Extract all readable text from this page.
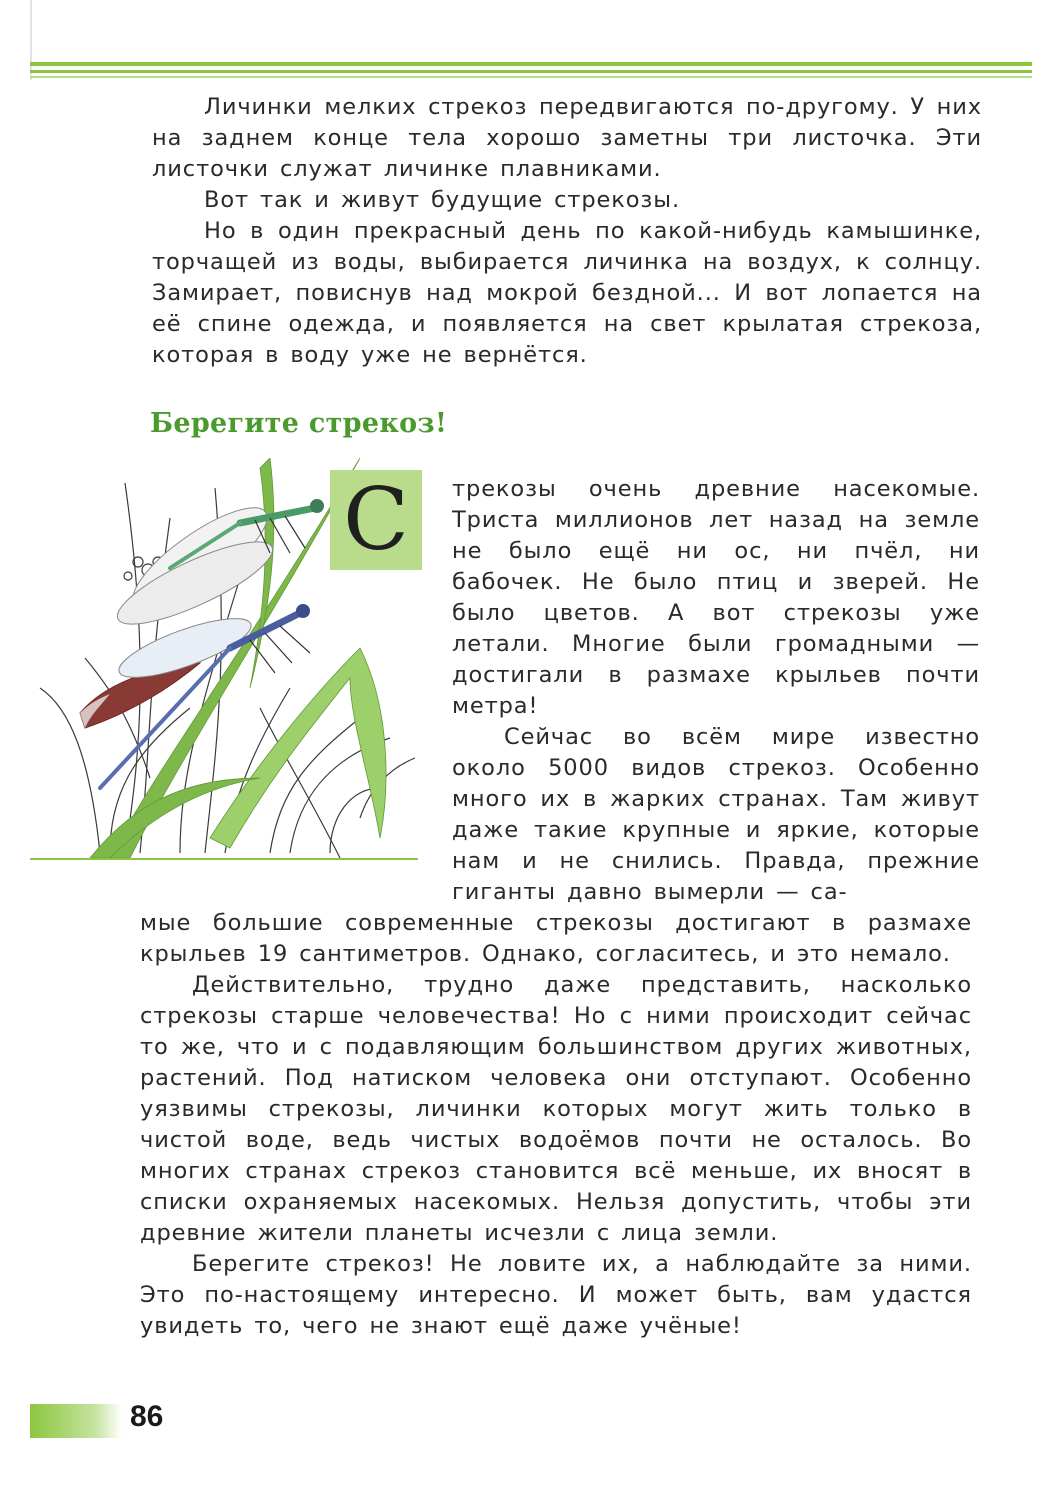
Личинки мелких стрекоз передвигаются по-другому. У них на заднем конце тела хорошо заметны три листочка. Эти листочки служат личинке плавниками.

Вот так и живут будущие стрекозы.

Но в один прекрасный день по какой-нибудь камышинке, торчащей из воды, выбирается личинка на воздух, к солнцу. Замирает, повиснув над мокрой бездной... И вот лопается на её спине одежда, и появляется на свет крылатая стрекоза, которая в воду уже не вернётся.

Берегите стрекоз!
С	трекозы очень древние насекомые. Триста миллионов лет назад на земле не было ещё ни ос, ни пчёл, ни бабочек. Не было птиц и зверей. Не было цветов. А вот стрекозы уже летали. Многие были громадными — достигали в размахе крыльев почти метра!

Сейчас во всём мире известно около 5000 видов стрекоз. Особенно много их в жарких странах. Там живут даже такие крупные и яркие, которые нам и не снились. Правда, прежние гиганты давно вымерли — са-

мые большие современные стрекозы достигают в размахе крыльев 19 сантиметров. Однако, согласитесь, и это немало.

Действительно, трудно даже представить, насколько стрекозы старше человечества! Но с ними происходит сейчас то же, что и с подавляющим большинством других животных, растений. Под натиском человека они отступают. Особенно уязвимы стрекозы, личинки которых могут жить только в чистой воде, ведь чистых водоёмов почти не осталось. Во многих странах стрекоз становится всё меньше, их вносят в списки охраняемых насекомых. Нельзя допустить, чтобы эти древние жители планеты исчезли с лица земли.

Берегите стрекоз! Не ловите их, а наблюдайте за ними. Это по-настоящему интересно. И может быть, вам удастся увидеть то, чего не знают ещё даже учёные!

86
